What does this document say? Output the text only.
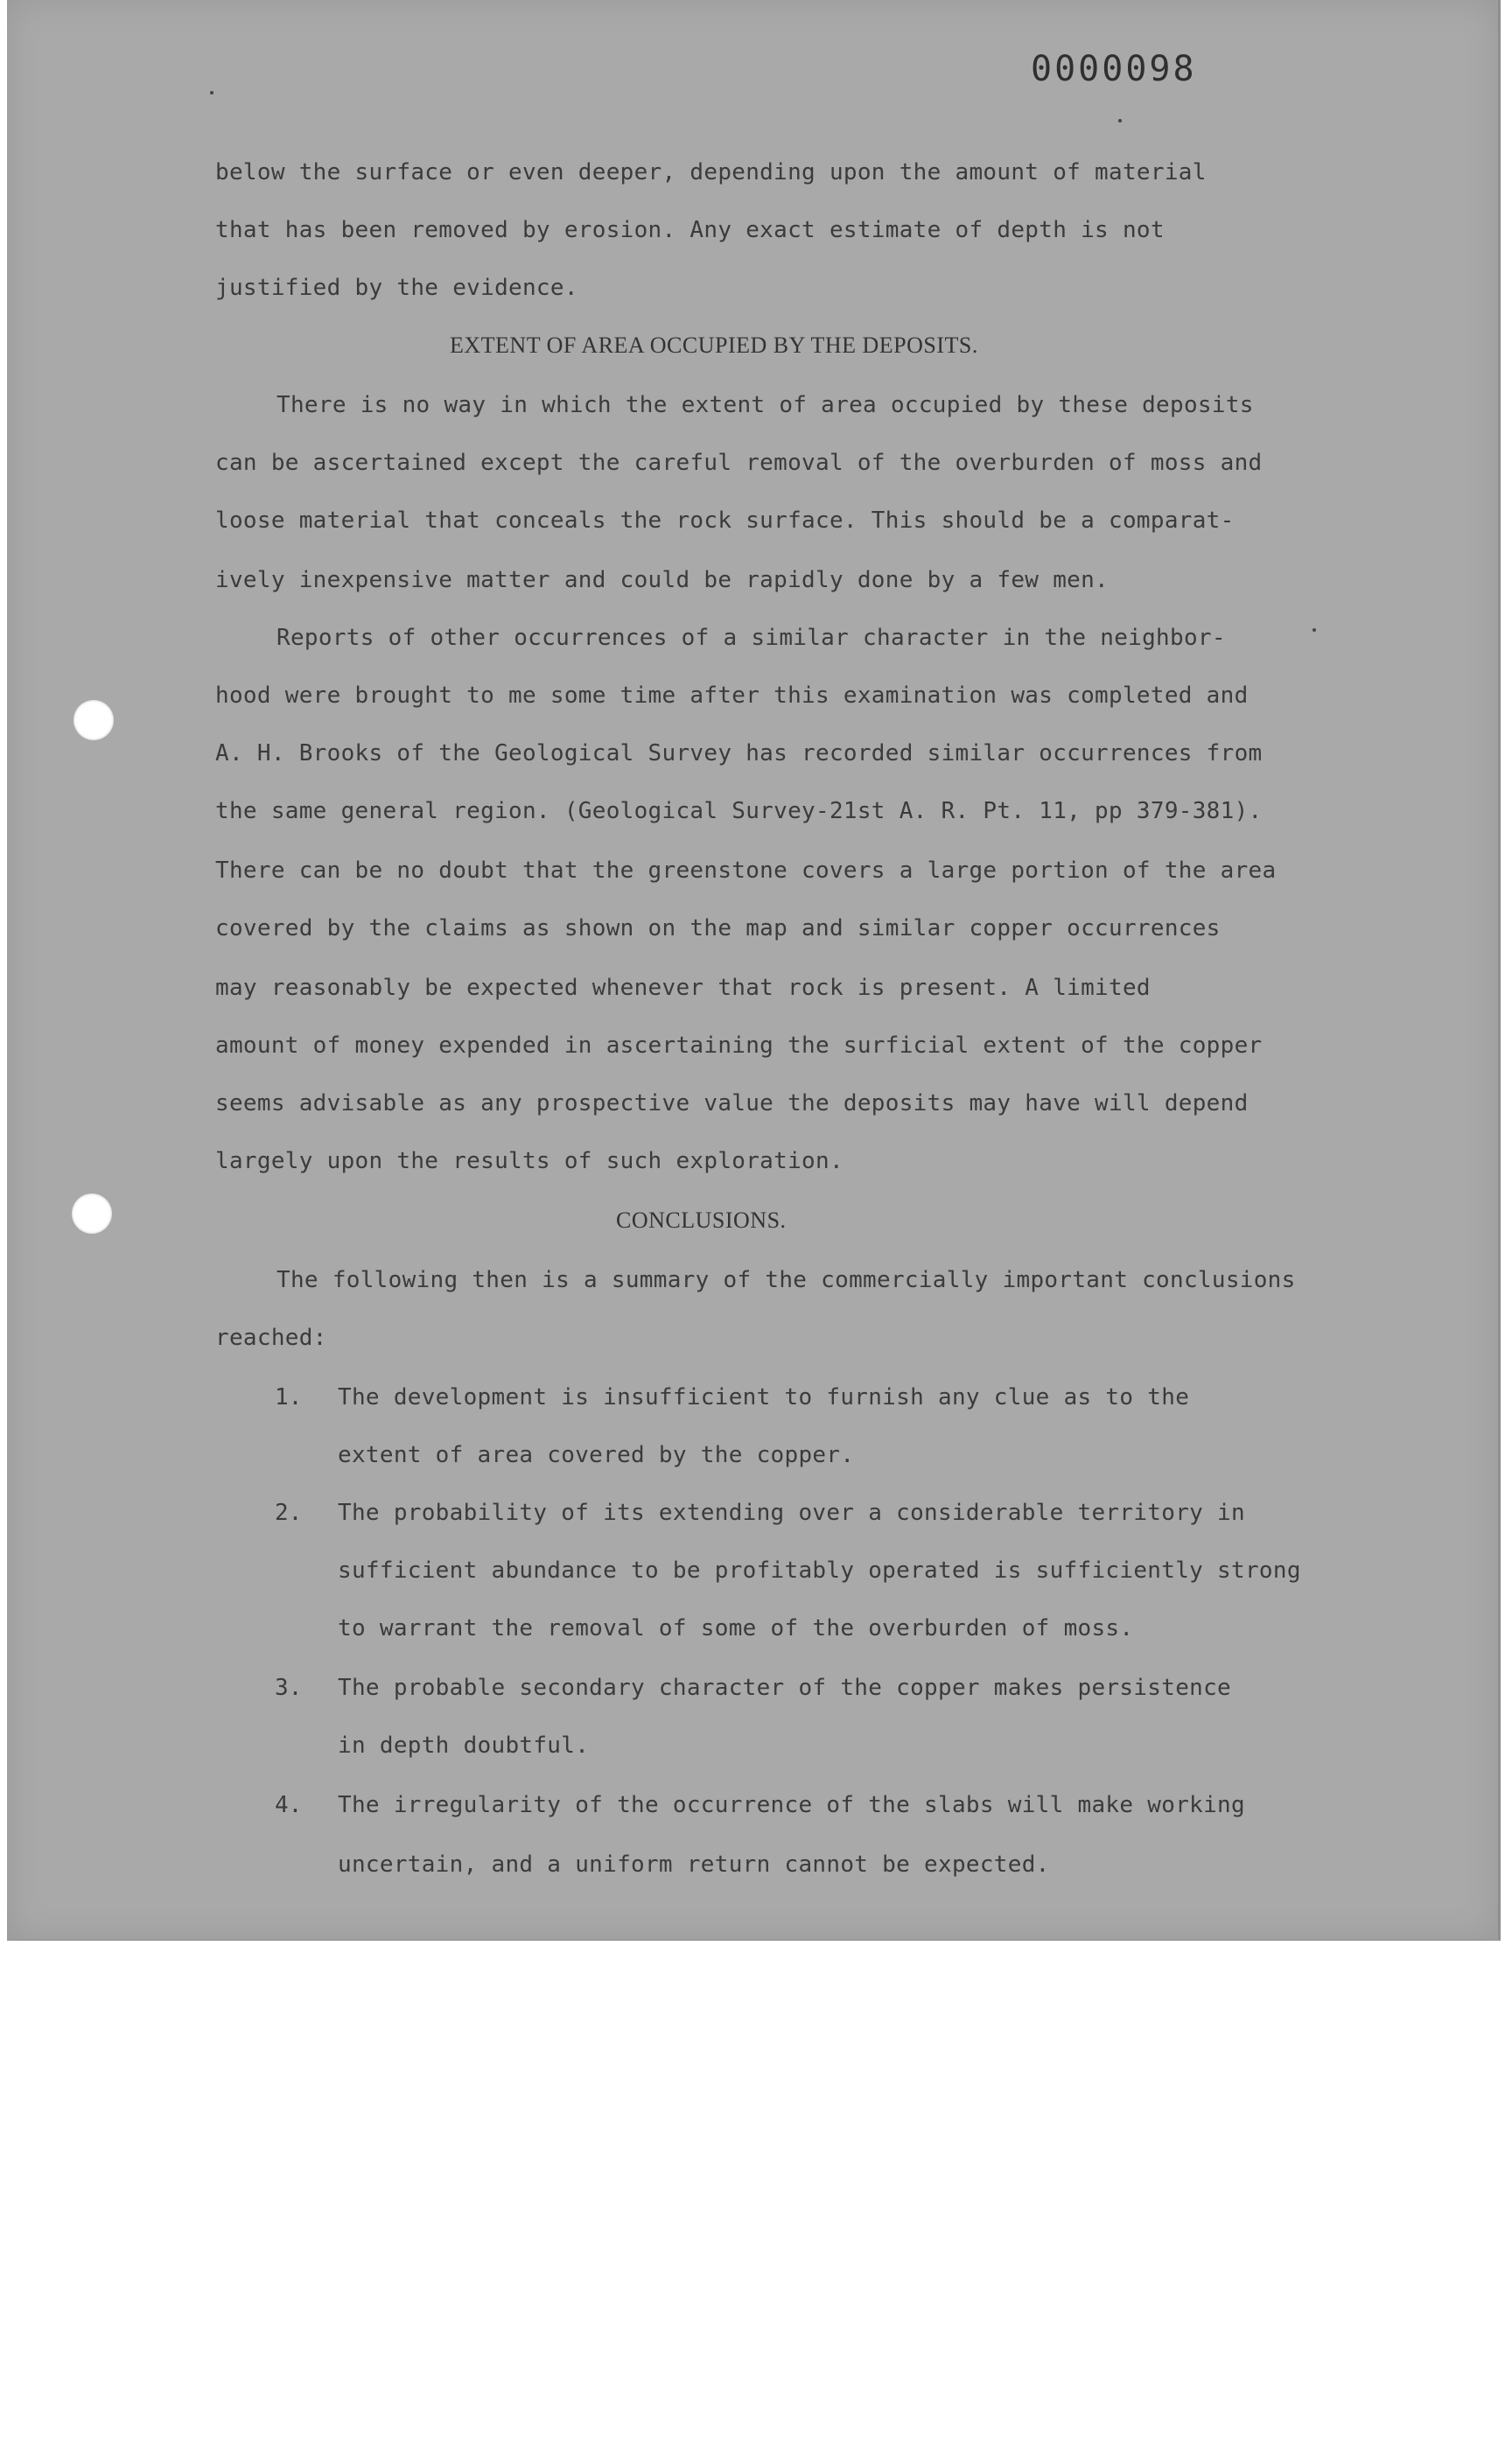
0000098
below the surface or even deeper, depending upon the amount of material
that has been removed by erosion. Any exact estimate of depth is not
justified by the evidence.
EXTENT OF AREA OCCUPIED BY THE DEPOSITS.
There is no way in which the extent of area occupied by these deposits
can be ascertained except the careful removal of the overburden of moss and
loose material that conceals the rock surface. This should be a comparat-
ively inexpensive matter and could be rapidly done by a few men.
Reports of other occurrences of a similar character in the neighbor-
hood were brought to me some time after this examination was completed and
A. H. Brooks of the Geological Survey has recorded similar occurrences from
the same general region. (Geological Survey-21st A. R. Pt. 11, pp 379-381).
There can be no doubt that the greenstone covers a large portion of the area
covered by the claims as shown on the map and similar copper occurrences
may reasonably be expected whenever that rock is present. A limited
amount of money expended in ascertaining the surficial extent of the copper
seems advisable as any prospective value the deposits may have will depend
largely upon the results of such exploration.
CONCLUSIONS.
The following then is a summary of the commercially important conclusions
reached:
1. The development is insufficient to furnish any clue as to the
extent of area covered by the copper.
2. The probability of its extending over a considerable territory in
sufficient abundance to be profitably operated is sufficiently strong
to warrant the removal of some of the overburden of moss.
3. The probable secondary character of the copper makes persistence
in depth doubtful.
4. The irregularity of the occurrence of the slabs will make working
uncertain, and a uniform return cannot be expected.
